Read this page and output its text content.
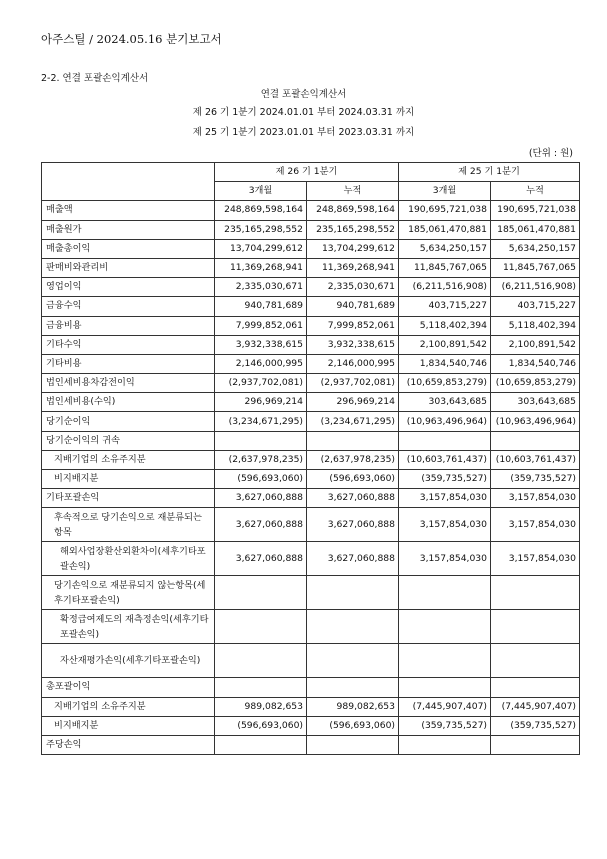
아주스틸 / 2024.05.16 분기보고서
2-2. 연결 포괄손익계산서
연결 포괄손익계산서
제 26 기 1분기 2024.01.01 부터 2024.03.31 까지
제 25 기 1분기 2023.01.01 부터 2023.03.31 까지
(단위 : 원)
	제 26 기 1분기		제 25 기 1분기	
	3개월	누적	3개월	누적
매출액	248,869,598,164	248,869,598,164	190,695,721,038	190,695,721,038
매출원가	235,165,298,552	235,165,298,552	185,061,470,881	185,061,470,881
매출총이익	13,704,299,612	13,704,299,612	5,634,250,157	5,634,250,157
판매비와관리비	11,369,268,941	11,369,268,941	11,845,767,065	11,845,767,065
영업이익	2,335,030,671	2,335,030,671	(6,211,516,908)	(6,211,516,908)
금융수익	940,781,689	940,781,689	403,715,227	403,715,227
금융비용	7,999,852,061	7,999,852,061	5,118,402,394	5,118,402,394
기타수익	3,932,338,615	3,932,338,615	2,100,891,542	2,100,891,542
기타비용	2,146,000,995	2,146,000,995	1,834,540,746	1,834,540,746
법인세비용차감전이익	(2,937,702,081)	(2,937,702,081)	(10,659,853,279)	(10,659,853,279)
법인세비용(수익)	296,969,214	296,969,214	303,643,685	303,643,685
당기순이익	(3,234,671,295)	(3,234,671,295)	(10,963,496,964)	(10,963,496,964)
당기순이익의 귀속				
지배기업의 소유주지분	(2,637,978,235)	(2,637,978,235)	(10,603,761,437)	(10,603,761,437)
비지배지분	(596,693,060)	(596,693,060)	(359,735,527)	(359,735,527)
기타포괄손익	3,627,060,888	3,627,060,888	3,157,854,030	3,157,854,030
후속적으로 당기손익으로 재분류되는 항목	3,627,060,888	3,627,060,888	3,157,854,030	3,157,854,030
해외사업장환산외환차이(세후기타포괄손익)	3,627,060,888	3,627,060,888	3,157,854,030	3,157,854,030
당기손익으로 재분류되지 않는항목(세후기타포괄손익)				
확정급여제도의 재측정손익(세후기타포괄손익)				
자산재평가손익(세후기타포괄손익)				
총포괄이익				
지배기업의 소유주지분	989,082,653	989,082,653	(7,445,907,407)	(7,445,907,407)
비지배지분	(596,693,060)	(596,693,060)	(359,735,527)	(359,735,527)
주당손익				
